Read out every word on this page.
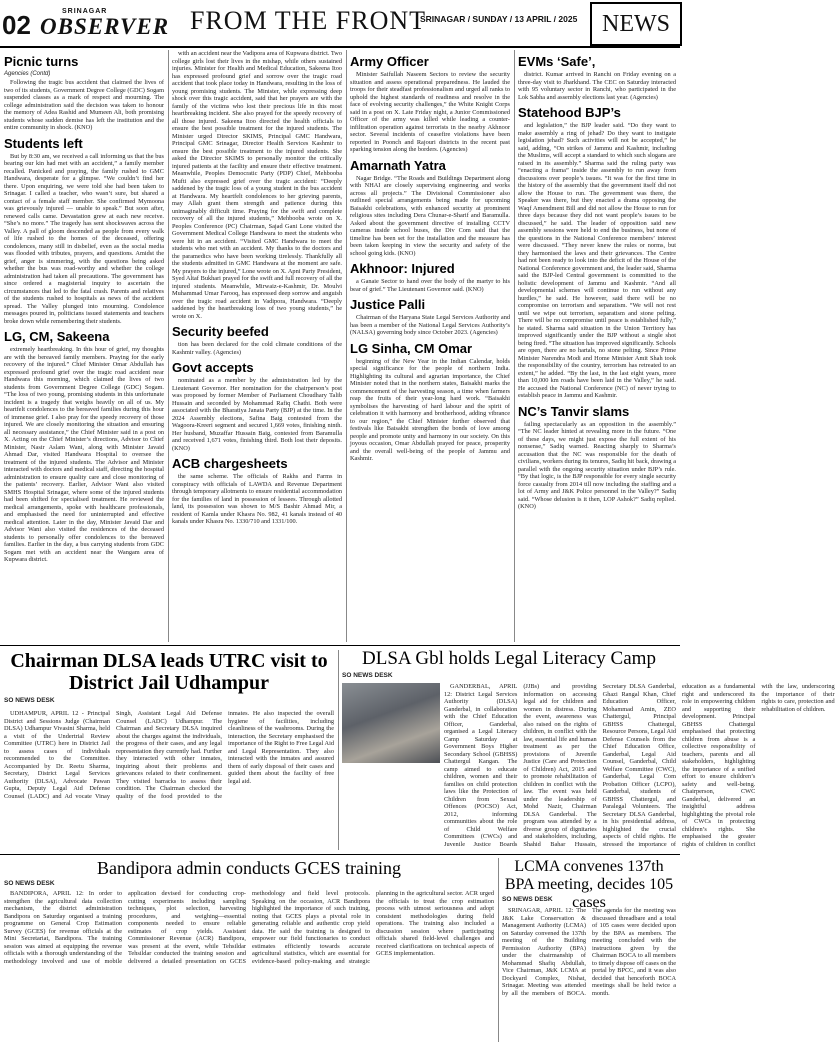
02	SRINAGAR
OBSERVER FROM THE FRONT
SRINAGAR / SUNDAY / 13 APRIL / 2025	NEWS
Picnic turns
Agencies (Contd)

Following the tragic bus accident that claimed the lives of two of its students, Government Degree College (GDC) Sogam suspended classes as a mark of respect and mourning. The college administration said the decision was taken to honour the memory of Adea Rashid and Mumeen Ali, both promising students whose sudden demise has left the institution and the entire community in shock. (KNO)

Students left

But by 8:30 am, we received a call informing us that the bus bearing our kin had met with an accident,” a family member recalled. Panicked and praying, the family rushed to GMC Handwara, desperate for a glimpse. “We couldn’t find her there. Upon enquiring, we were told she had been taken to Srinagar. I called a teacher, who wasn’t sure, but shared a contact of a female staff member. She confirmed Mymoona was grievously injured — unable to speak.” But soon after, renewed calls came. Devastation grew at each new receive. “She’s no more.” The tragedy has sent shockwaves across the Valley. A pall of gloom descended as people from every walk of life rushed to the homes of the deceased, offering condolences, many still in disbelief, even as the social media was flooded with tributes, prayers, and questions. Amidst the grief, anger is simmering, with the questions being asked whether the bus was road-worthy and whether the college administration had taken all precautions. The government has since ordered a magisterial inquiry to ascertain the circumstances that led to the fatal crash. Parents and relatives of the students rushed to hospitals as news of the accident spread. The Valley plunged into mourning. Condolence messages poured in, politicians issued statements and teachers broke down while remembering their students.

LG, CM, Sakeena

extremely heartbreaking. In this hour of grief, my thoughts are with the bereaved family members. Praying for the early recovery of the injured.” Chief Minister Omar Abdullah has expressed profound grief over the tragic road accident near Handwara this morning, which claimed the lives of two students from Government Degree College (GDC) Sogam. “The loss of two young, promising students in this unfortunate incident is a tragedy that weighs heavily on all of us. My heartfelt condolences to the bereaved families during this hour of immense grief. I also pray for the speedy recovery of those injured. We are closely monitoring the situation and ensuring all necessary assistance,” the Chief Minister said in a post on X. Acting on the Chief Minister’s directions, Advisor to Chief Minister, Nasir Aslam Wani, along with Minister Javaid Ahmad Dar, visited Handwara Hospital to oversee the treatment of the injured students. The Advisor and Minister interacted with doctors and medical staff, directing the hospital administration to ensure quality care and close monitoring of the patients’ recovery. Earlier, Advisor Wani also visited SMHS Hospital Srinagar, where some of the injured students had been shifted for specialised treatment. He reviewed the medical arrangements, spoke with healthcare professionals, and emphasised the need for uninterrupted and effective medical attention. Later in the day, Minister Javaid Dar and Advisor Wani also visited the residences of the deceased students to personally offer condolences to the bereaved families. Earlier in the day, a bus carrying students from GDC Sogam met with an accident near the Wangam area of Kupwara district.

with an accident near the Vadipora area of Kupwara district. Two college girls lost their lives in the mishap, while others sustained injuries. Minister for Health and Medical Education, Sakeena Itoo has expressed profound grief and sorrow over the tragic road accident that took place today in Handwara, resulting in the loss of young promising students. The Minister, while expressing deep shock over this tragic accident, said that her prayers are with the family of the victims who lost their precious life in this most heartbreaking incident. She also prayed for the speedy recovery of all those injured. Sakeena Itoo directed the health officials to ensure the best possible treatment for the injured students. The Minister urged Director SKIMS, Principal GMC Handwara, Principal GMC Srinagar, Director Health Services Kashmir to ensure the best possible treatment to the injured students. She asked the Director SKIMS to personally monitor the critically injured patients at the facility and ensure their effective treatment. Meanwhile, Peoples Democratic Party (PDP) Chief, Mehbooba Mufti also expressed grief over the tragic accident: “Deeply saddened by the tragic loss of a young student in the bus accident at Handwara. My heartfelt condolences to her grieving parents, may Allah grant them strength and patience during this unimaginably difficult time. Praying for the swift and complete recovery of all the injured students,” Mehbooba wrote on X. Peoples Conference (PC) Chairman, Sajad Gani Lone visited the Government Medical College Handwara to meet the students who were hit in an accident. “Visited GMC Handwara to meet the students who met with an accident. My thanks to the doctors and the paramedics who have been working tirelessly. Thankfully all the students admitted in GMC Handwara at the moment are safe. My prayers to the injured,” Lone wrote on X. Apni Party President, Syed Altaf Bukhari prayed for the swift and full recovery of all the injured students. Meanwhile, Mirwaiz-e-Kashmir, Dr. Moulvi Muhammad Umar Farooq, has expressed deep sorrow and anguish over the tragic road accident in Vadipora, Handwara. “Deeply saddened by the heartbreaking loss of two young students,” he wrote on X.

Security beefed

tion has been declared for the cold climate conditions of the Kashmir valley. (Agencies)

Govt accepts

nominated as a member by the administration led by the Lieutenant Governor. Her nomination for the chairperson’s post was proposed by former Member of Parliament Choudhary Talib Hussain and seconded by Mohammad Rafiq Chathi. Both were associated with the Bharatiya Janata Party (BJP) at the time. In the 2024 Assembly elections, Safina Baig contested from the Wagoora-Kreeri segment and secured 1,669 votes, finishing ninth. Her husband, Muzaffar Hussain Baig, contested from Baramulla and received 1,671 votes, finishing third. Both lost their deposits. (KNO)

ACB chargesheets

the same scheme. The officials of Rakhs and Farms in conspiracy with officials of LAWDA and Revenue Department through temporary allotments to ensure residential accommodation for the families of land in possession of lessees. Through allotted land, its possession was shown to M/S Bashir Ahmad Mir, a resident of Kamla under Khasra No. 982, 41 kanals instead of 40 kanals under Khasra No. 1330/710 and 1331/100.

Army Officer

Minister Saifullah Naseem Sectors to review the security situation and assess operational preparedness. He lauded the troops for their steadfast professionalism and urged all ranks to uphold the highest standards of readiness and resolve in the face of evolving security challenges,” the White Knight Corps said in a post on X. Late Friday night, a Junior Commissioned Officer of the army was killed while leading a counter-infiltration operation against terrorists in the nearby Akhnoor sector. Several incidents of ceasefire violations have been reported in Poonch and Rajouri districts in the recent past sparking tension along the borders. (Agencies)

Amarnath Yatra

Nagar Bridge. “The Roads and Buildings Department along with NHAI are closely supervising engineering and works across all projects.” The Divisional Commissioner also outlined special arrangements being made for upcoming Baisakhi celebrations, with enhanced security at prominent religious sites including Dera Chunar-e-Sharif and Baramulla. Asked about the government directive of installing CCTV cameras inside school buses, the Div Com said that the timeline has been set for the installation and the measure has been taken keeping in view the security and safety of the school going kids. (KNO)

Akhnoor: Injured

a Ganaie Sector to hand over the body of the martyr to his bear of grief.” The Lieutenant Governor said. (KNO)

Justice Palli

Chairman of the Haryana State Legal Services Authority and has been a member of the National Legal Services Authority’s (NALSA) governing body since October 2023. (Agencies)

LG Sinha, CM Omar

beginning of the New Year in the Indian Calendar, holds special significance for the people of northern India. Highlighting its cultural and agrarian importance, the Chief Minister noted that in the northern states, Baisakhi marks the commencement of the harvesting season, a time when farmers reap the fruits of their year-long hard work. “Baisakhi symbolises the harvesting of hard labour and the spirit of celebration it with harmony and brotherhood, adding vibrance to our region,” the Chief Minister further observed that festivals like Baisakhi strengthen the bonds of love among people and promote unity and harmony in our society. On this joyous occasion, Omar Abdullah prayed for peace, prosperity and the overall well-being of the people of Jammu and Kashmir.

EVMs ‘Safe’,

district. Kumar arrived in Ranchi on Friday evening on a three-day visit to Jharkhand. The CEC on Saturday interacted with 95 voluntary sector in Ranchi, who participated in the Lok Sabha and assembly elections last year. (Agencies)

Statehood BJP’s

and legislation,” the BJP leader said. “Do they want to make assembly a ring of jehad? Do they want to instigate legislation jehad? Such activities will not be accepted,” he said, adding, “On strikes of Jammu and Kashmir, including the Muslims, will accept a standard to which such slogans are raised in its assembly.” Sharma said the ruling party was “enacting a frama” inside the assembly to run away from discussions over people’s issues. “It was for the first time in the history of the assembly that the government itself did not allow the House to run. The government was there, the Speaker was there, but they enacted a drama opposing the Waqf Amendment Bill and did not allow the House to run for three days because they did not want people’s issues to be discussed,” he said. The leader of opposition said new assembly sessions were held to end the business, but none of the questions in the National Conference members’ interest were discussed. “They never knew the rules or norms, but they harmonised the laws and their grievances. The Centre had not been ready to look into the deficit of the House of the National Conference government and, the leader said, Sharma said the BJP-led Central government is committed to the holistic development of Jammu and Kashmir. “And all developmental schemes will continue to run without any hurdles,” he said. He however, said there will be no compromise on terrorism and separatism. “We will not rest until we wipe out terrorism, separatism and stone pelting. There will be no compromise until peace is established fully,” he stated. Sharma said situation in the Union Territory has improved significantly under the BJP without a single shot being fired. “The situation has improved significantly. Schools are open, there are no hartals, no stone pelting. Since Prime Minister Narendra Modi and Home Minister Amit Shah took the responsibility of the country, terrorism has retreated to an extent,” he added. “By the last, in the last eight years, more than 10,000 km roads have been laid in the Valley,” he said. He accused the National Conference (NC) of never trying to establish peace in Jammu and Kashmir.

NC’s Tanvir slams

failing spectacularly as an opposition in the assembly.” “The NC leader hinted at revealing more in the future. “One of these days, we might just expose the full extent of his nonsense,” Sadiq warned. Reacting sharply to Sharma’s accusation that the NC was responsible for the death of civilians, workers during its tenures, Sadiq hit back, drawing a parallel with the ongoing security situation under BJP’s rule. “By that logic, is the BJP responsible for every single security force casualty from 2014 till now including the staffing and a lot of Army and J&K Police personnel in the Valley?” Sadiq said. “Whose delusion is it then, LOP Ashok?” Sadiq replied. (KNO)

Chairman DLSA leads UTRC visit to District Jail Udhampur
SO NEWS DESK

UDHAMPUR, APRIL 12 - Principal District and Sessions Judge (Chairman DLSA) Udhampur Vivasini Sharma, held a visit of the Undertrial Review Committee (UTRC) here in District Jail to assess cases of individuals recommended to the Committee. Accompanied by Dr. Reetu Sharma, Secretary, District Legal Services Authority (DLSA), Advocate Pawan Gupta, Deputy Legal Aid Defense Counsel (LADC) and Ad vocate Vinay Singh, Assistant Legal Aid Defense Counsel (LADC) Udhampur. The Chairman and Secretary DLSA inquired about the charges against the individuals, the progress of their cases, and any legal representation they currently had. Further they interacted with other inmates, inquiring about their problems and grievances related to their confinement. They visited barracks to assess their condition. The Chairman checked the quality of the food provided to the inmates. He also inspected the overall hygiene of facilities, including cleanliness of the washrooms. During the interaction, the Secretary emphasised the importance of the Right to Free Legal Aid and Legal Representation. They also interacted with the inmates and assured them of early disposal of their cases and guided them about the facility of free legal aid.

DLSA Gbl holds Legal Literacy Camp
SO NEWS DESK

GANDERBAL, APRIL 12: District Legal Services Authority (DLSA) Ganderbal, in collaboration with the Chief Education Officer, Ganderbal, organised a Legal Literacy Camp Saturday at Government Boys Higher Secondary School (GBHSS) Chattergul Kangan. The camp aimed to educate children, women and their families on child protection laws like the Protection of Children from Sexual Offences (POCSO) Act, 2012, informing communities about the role of Child Welfare Committees (CWCs) and Juvenile Justice Boards (JJBs) and providing information on accessing legal aid for children and women in distress. During the event, awareness was also raised on the rights of children, in conflict with the law, essential life and human treatment as per the provisions of Juvenile Justice (Care and Protection of Children) Act, 2015 and to promote rehabilitation of children in conflict with the law. The event was held under the leadership of Mohd Nazir, Chairman DLSA Ganderbal. The program was attended by a diverse group of dignitaries and stakeholders, including, Shahid Bahar Hussain, Secretary DLSA Ganderbal, Ghazi Rangal Khan, Chief Education Officer, Mohammad Amin, ZEO Chattergul, Principal GBHSS Chattergul, Resource Persons, Legal Aid Defense Counsels from the Chief Education Office, Ganderbal, Legal Aid Counsel, Ganderbal, Child Welfare Committee (CWC), Ganderbal, Legal Com Probation Officer (LCPO), Ganderbal, students of GBHSS Chattergul, and Paralegal Volunteers. The Secretary DLSA Ganderbal, in his presidential address, highlighted the crucial aspects of child rights. He stressed the importance of education as a fundamental right and underscored its role in empowering children and supporting their development. Principal GBHSS Chattergul emphasised that protecting children from abuse is a collective responsibility of teachers, parents and all stakeholders, highlighting the importance of a unified effort to ensure children’s safety and well-being. Chairperson, CWC Ganderbal, delivered an insightful address highlighting the pivotal role of CWCs in protecting children’s rights. She emphasised the greater rights of children in conflict with the law, underscoring the importance of their rights to care, protection and rehabilitation of children.

Bandipora admin conducts GCES training
SO NEWS DESK

BANDIPORA, APRIL 12: In order to strengthen the agricultural data collection mechanism, the district administration Bandipora on Saturday organised a training programme on General Crop Estimation Survey (GCES) for revenue officials at the Mini Secretariat, Bandipora. The training session was aimed at equipping the revenue officials with a thorough understanding of the methodology involved and use of mobile application devised for conducting crop-cutting experiments including sampling techniques, plot selection, harvesting procedures, and weighing—essential components needed to ensure reliable estimates of crop yields. Assistant Commissioner Revenue (ACR) Bandipora, was present at the event, while Tehsildar Tehsildar conducted the training session and delivered a detailed presentation on GCES methodology and field level protocols. Speaking on the occasion, ACR Bandipora highlighted the importance of such training, noting that GCES plays a pivotal role in generating reliable and authentic crop yield data. He said the training is designed to empower our field functionaries to conduct estimates efficiently towards accurate agricultural statistics, which are essential for evidence-based policy-making and strategic planning in the agricultural sector. ACR urged the officials to treat the crop estimation process with utmost seriousness and adopt consistent methodologies during field operations. The training also included a discussion session where participating officials shared field-level challenges and received clarifications on technical aspects of GCES implementation.

LCMA convenes 137th BPA meeting, decides 105 cases
SO NEWS DESK

SRINAGAR, APRIL 12: The J&K Lake Conservation & Management Authority (LCMA) on Saturday convened the 137th meeting of the Building Permission Authority (BPA) under the chairmanship of Mohammad Shafiq Abdullah, Vice Chairman, J&K LCMA at Dockyard Complex, Nishat, Srinagar. Meeting was attended by all the members of BOCA. The agenda for the meeting was discussed threadbare and a total of 105 cases were decided upon by the BPA as members. The meeting concluded with the instructions given by the Chairman BOCA to all members to timely dispose off cases on the portal by BPCC, and it was also decided that henceforth BOCA meetings shall be held twice a month.
